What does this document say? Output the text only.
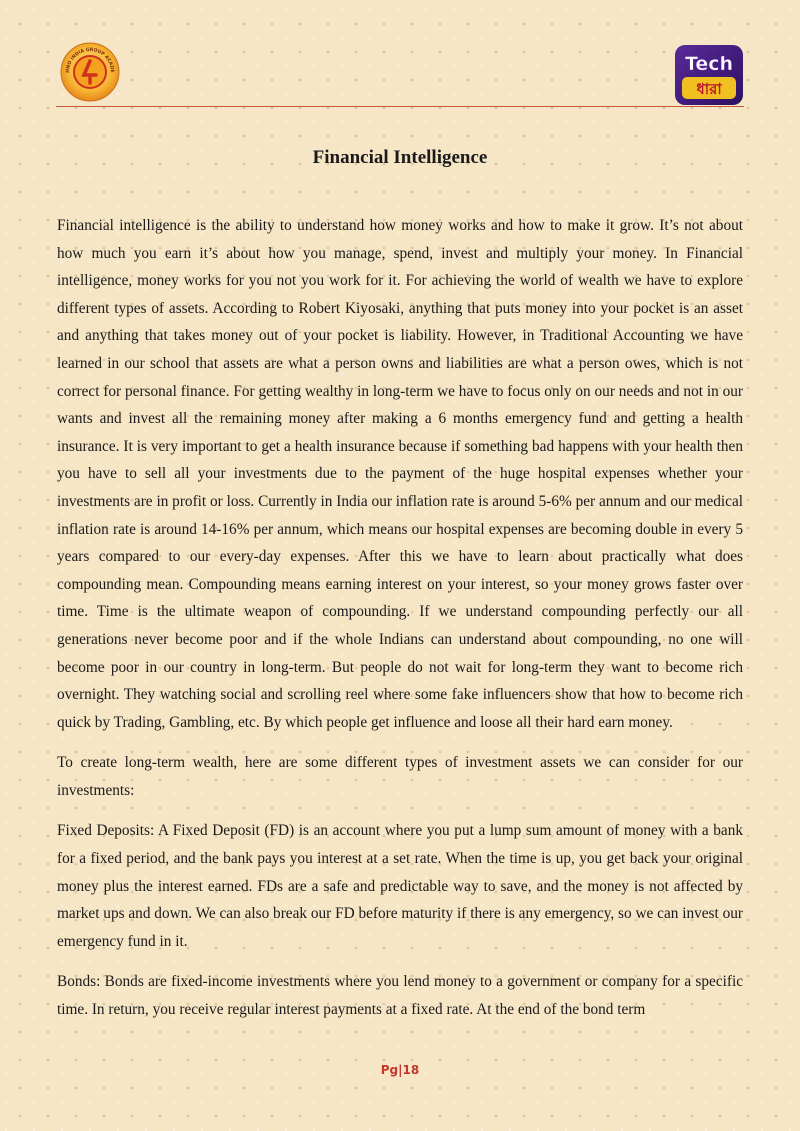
HNO INDIA GROUP ACADE	Tech
ধারা
Financial Intelligence

Financial intelligence is the ability to understand how money works and how to make it grow. It’s not about how much you earn it’s about how you manage, spend, invest and multiply your money. In Financial intelligence, money works for you not you work for it. For achieving the world of wealth we have to explore different types of assets. According to Robert Kiyosaki, anything that puts money into your pocket is an asset and anything that takes money out of your pocket is liability. However, in Traditional Accounting we have learned in our school that assets are what a person owns and liabilities are what a person owes, which is not correct for personal finance. For getting wealthy in long-term we have to focus only on our needs and not in our wants and invest all the remaining money after making a 6 months emergency fund and getting a health insurance. It is very important to get a health insurance because if something bad happens with your health then you have to sell all your investments due to the payment of the huge hospital expenses whether your investments are in profit or loss. Currently in India our inflation rate is around 5-6% per annum and our medical inflation rate is around 14-16% per annum, which means our hospital expenses are becoming double in every 5 years compared to our every-day expenses. After this we have to learn about practically what does compounding mean. Compounding means earning interest on your interest, so your money grows faster over time. Time is the ultimate weapon of compounding. If we understand compounding perfectly our all generations never become poor and if the whole Indians can understand about compounding, no one will become poor in our country in long-term. But people do not wait for long-term they want to become rich overnight. They watching social and scrolling reel where some fake influencers show that how to become rich quick by Trading, Gambling, etc. By which people get influence and loose all their hard earn money.

To create long-term wealth, here are some different types of investment assets we can consider for our investments:

Fixed Deposits: A Fixed Deposit (FD) is an account where you put a lump sum amount of money with a bank for a fixed period, and the bank pays you interest at a set rate. When the time is up, you get back your original money plus the interest earned. FDs are a safe and predictable way to save, and the money is not affected by market ups and down. We can also break our FD before maturity if there is any emergency, so we can invest our emergency fund in it.

Bonds: Bonds are fixed-income investments where you lend money to a government or company for a specific time. In return, you receive regular interest payments at a fixed rate. At the end of the bond term

Pg|18
